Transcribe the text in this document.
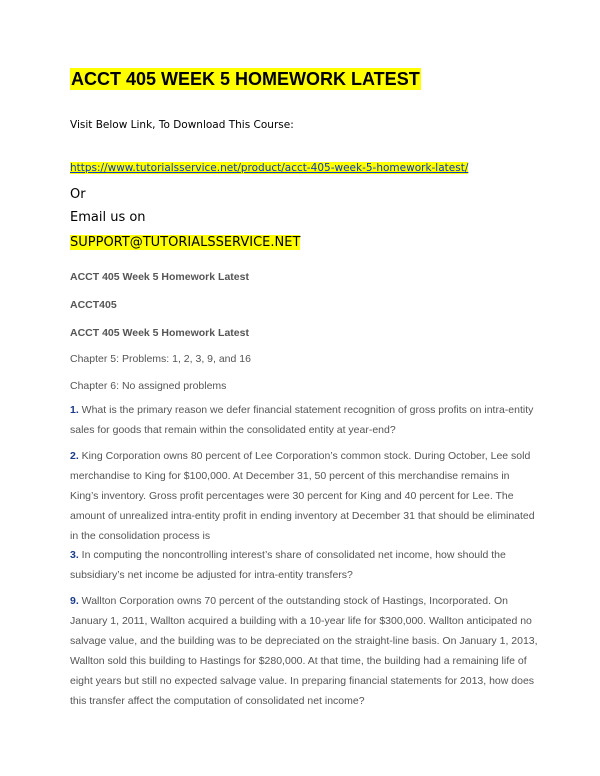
ACCT 405 WEEK 5 HOMEWORK LATEST
Visit Below Link, To Download This Course:
https://www.tutorialsservice.net/product/acct-405-week-5-homework-latest/
Or
Email us on
SUPPORT@TUTORIALSSERVICE.NET
ACCT 405 Week 5 Homework Latest
ACCT405
ACCT 405 Week 5 Homework Latest
Chapter 5: Problems: 1, 2, 3, 9, and 16
Chapter 6: No assigned problems
1. What is the primary reason we defer financial statement recognition of gross profits on intra-entity sales for goods that remain within the consolidated entity at year-end?
2. King Corporation owns 80 percent of Lee Corporation’s common stock. During October, Lee sold merchandise to King for $100,000. At December 31, 50 percent of this merchandise remains in King’s inventory. Gross profit percentages were 30 percent for King and 40 percent for Lee. The amount of unrealized intra-entity profit in ending inventory at December 31 that should be eliminated in the consolidation process is
3. In computing the noncontrolling interest’s share of consolidated net income, how should the subsidiary’s net income be adjusted for intra-entity transfers?
9. Wallton Corporation owns 70 percent of the outstanding stock of Hastings, Incorporated. On January 1, 2011, Wallton acquired a building with a 10-year life for $300,000. Wallton anticipated no salvage value, and the building was to be depreciated on the straight-line basis. On January 1, 2013, Wallton sold this building to Hastings for $280,000. At that time, the building had a remaining life of eight years but still no expected salvage value. In preparing financial statements for 2013, how does this transfer affect the computation of consolidated net income?
